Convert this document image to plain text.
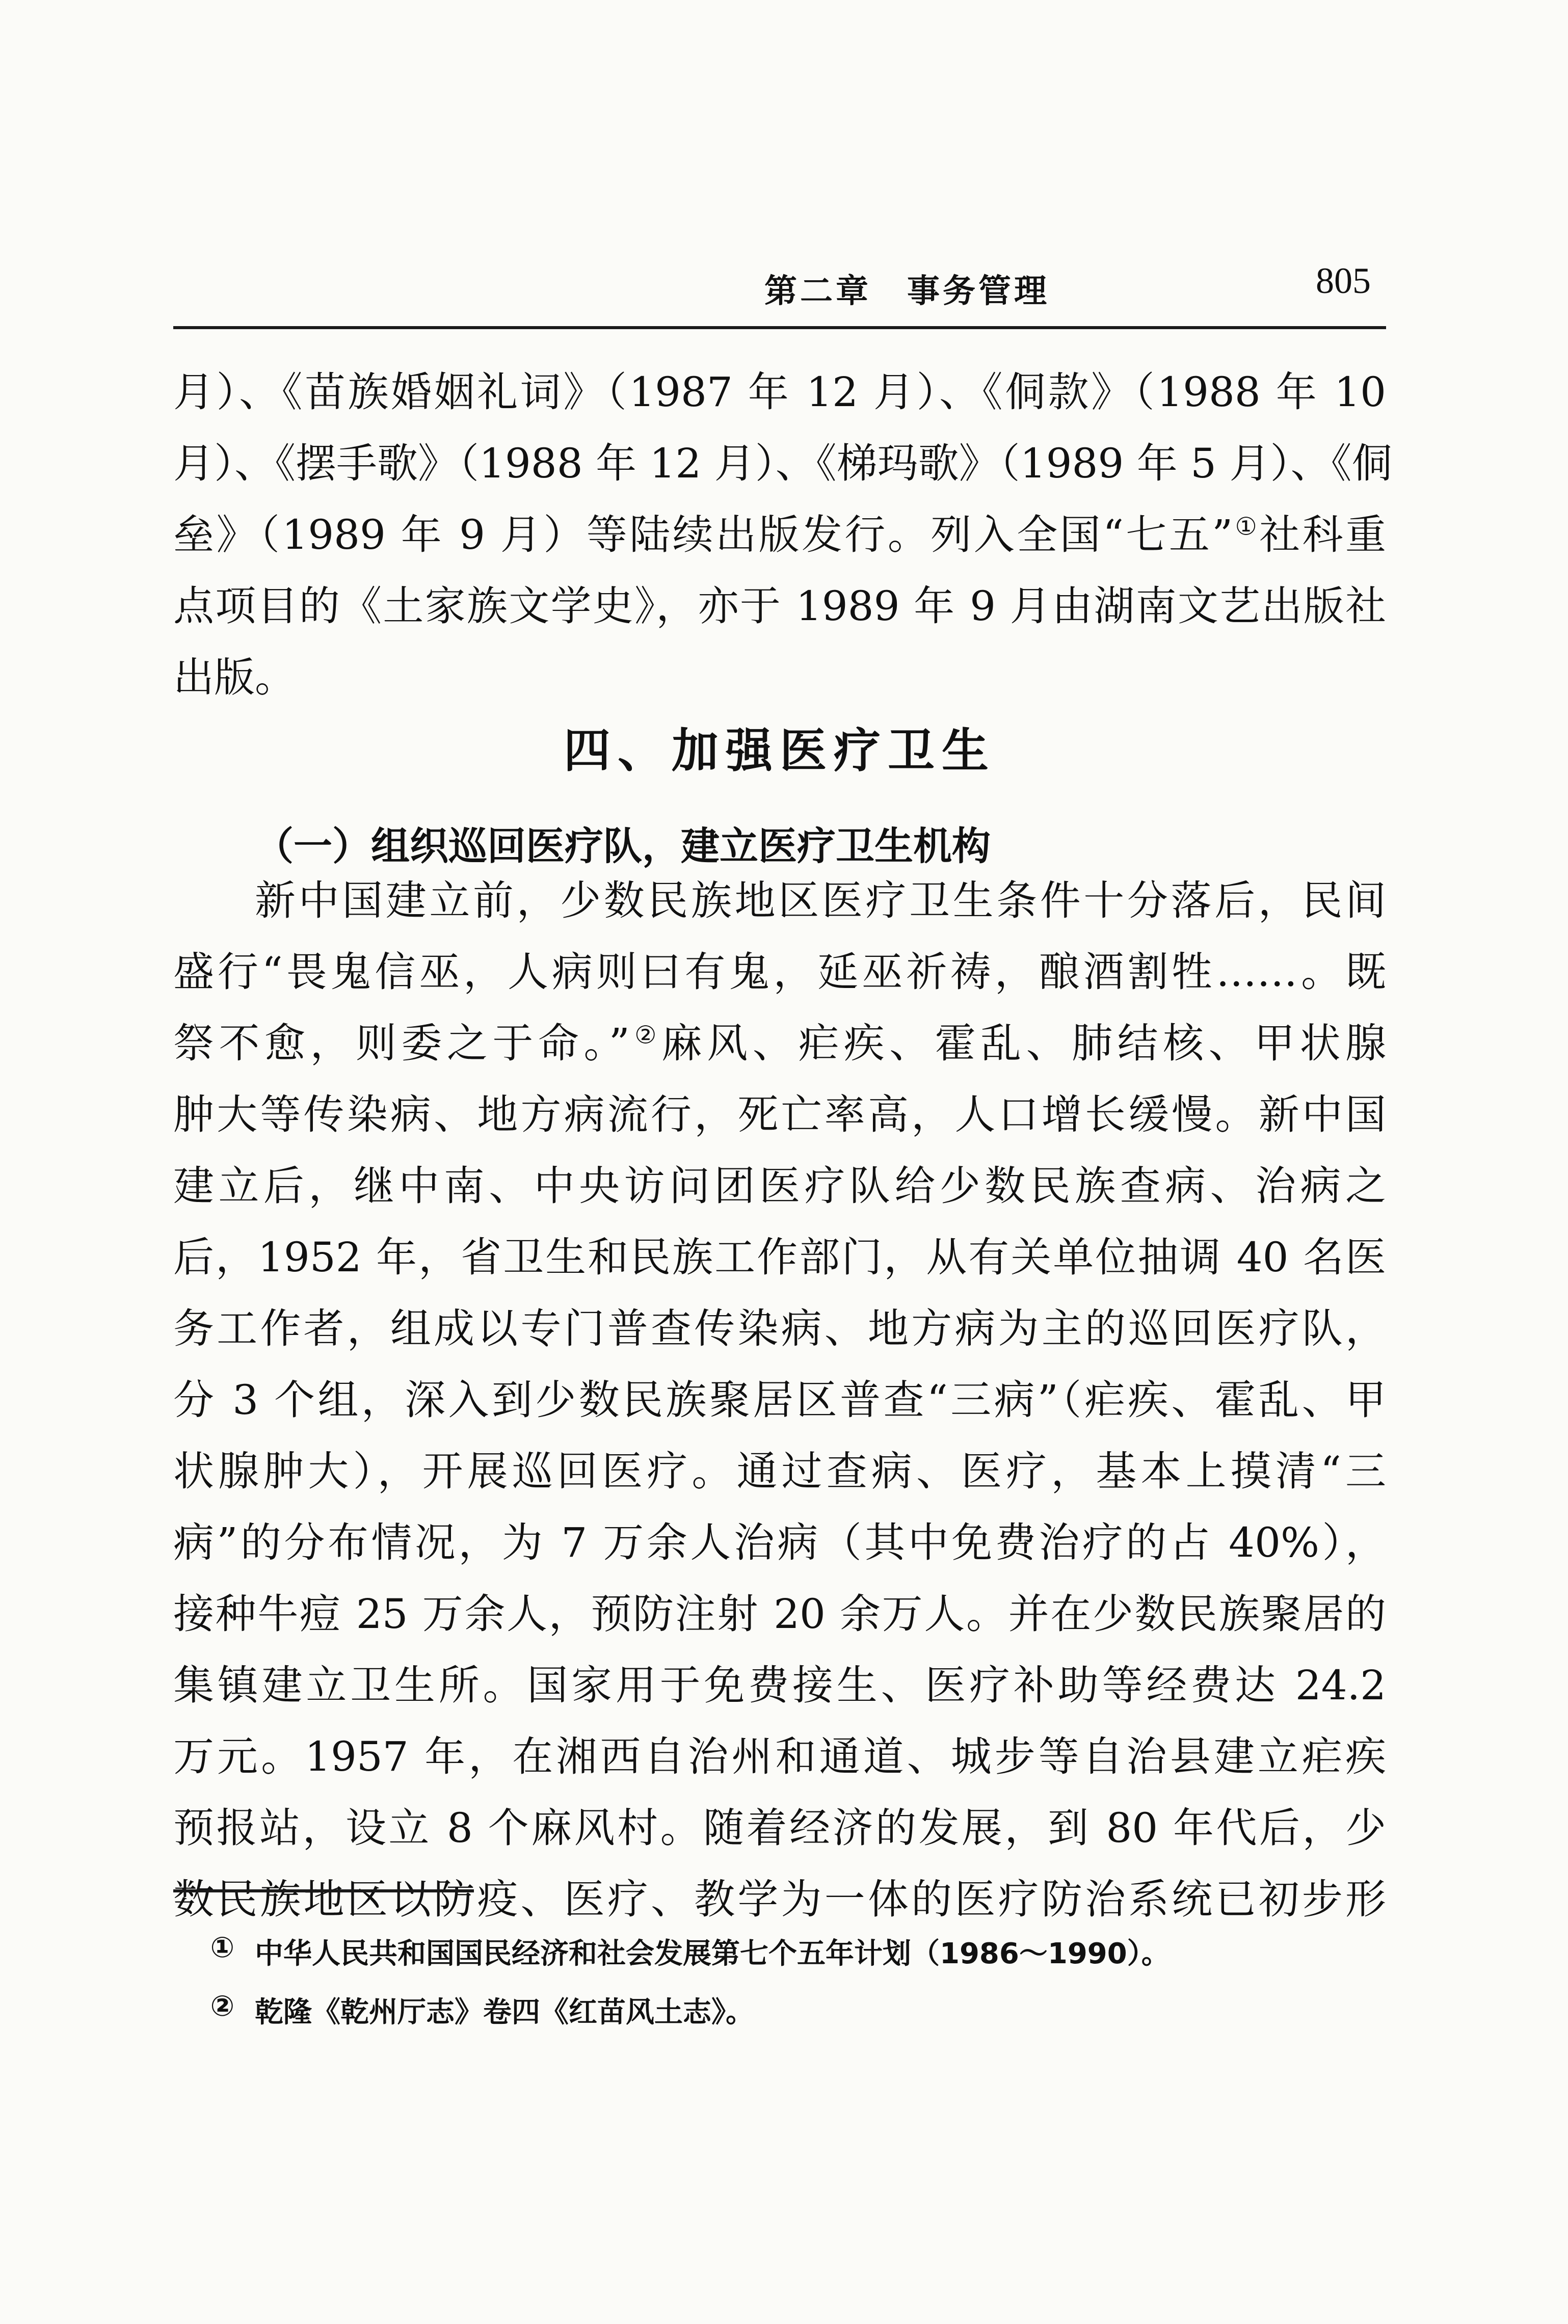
第二章　事务管理	805
月）、《苗族婚姻礼词》（1987 年 12 月）、《侗款》（1988 年 10
月）、《摆手歌》（1988 年 12 月）、《梯玛歌》（1989 年 5 月）、《侗
垒》（1989 年 9 月）等陆续出版发行。列入全国“七五”①社科重
点项目的《土家族文学史》，亦于 1989 年 9 月由湖南文艺出版社
出版。
四、加强医疗卫生
（一）组织巡回医疗队，建立医疗卫生机构
新中国建立前，少数民族地区医疗卫生条件十分落后，民间
盛行“畏鬼信巫，人病则曰有鬼，延巫祈祷，酿酒割牲……。既
祭不愈，则委之于命。”②麻风、疟疾、霍乱、肺结核、甲状腺
肿大等传染病、地方病流行，死亡率高，人口增长缓慢。新中国
建立后，继中南、中央访问团医疗队给少数民族查病、治病之
后，1952 年，省卫生和民族工作部门，从有关单位抽调 40 名医
务工作者，组成以专门普查传染病、地方病为主的巡回医疗队，
分 3 个组，深入到少数民族聚居区普查“三病”（疟疾、霍乱、甲
状腺肿大），开展巡回医疗。通过查病、医疗，基本上摸清“三
病”的分布情况，为 7 万余人治病（其中免费治疗的占 40%），
接种牛痘 25 万余人，预防注射 20 余万人。并在少数民族聚居的
集镇建立卫生所。国家用于免费接生、医疗补助等经费达 24.2
万元。1957 年，在湘西自治州和通道、城步等自治县建立疟疾
预报站，设立 8 个麻风村。随着经济的发展，到 80 年代后，少
数民族地区以防疫、医疗、教学为一体的医疗防治系统已初步形
① 中华人民共和国国民经济和社会发展第七个五年计划（1986～1990）。
② 乾隆《乾州厅志》卷四《红苗风土志》。
